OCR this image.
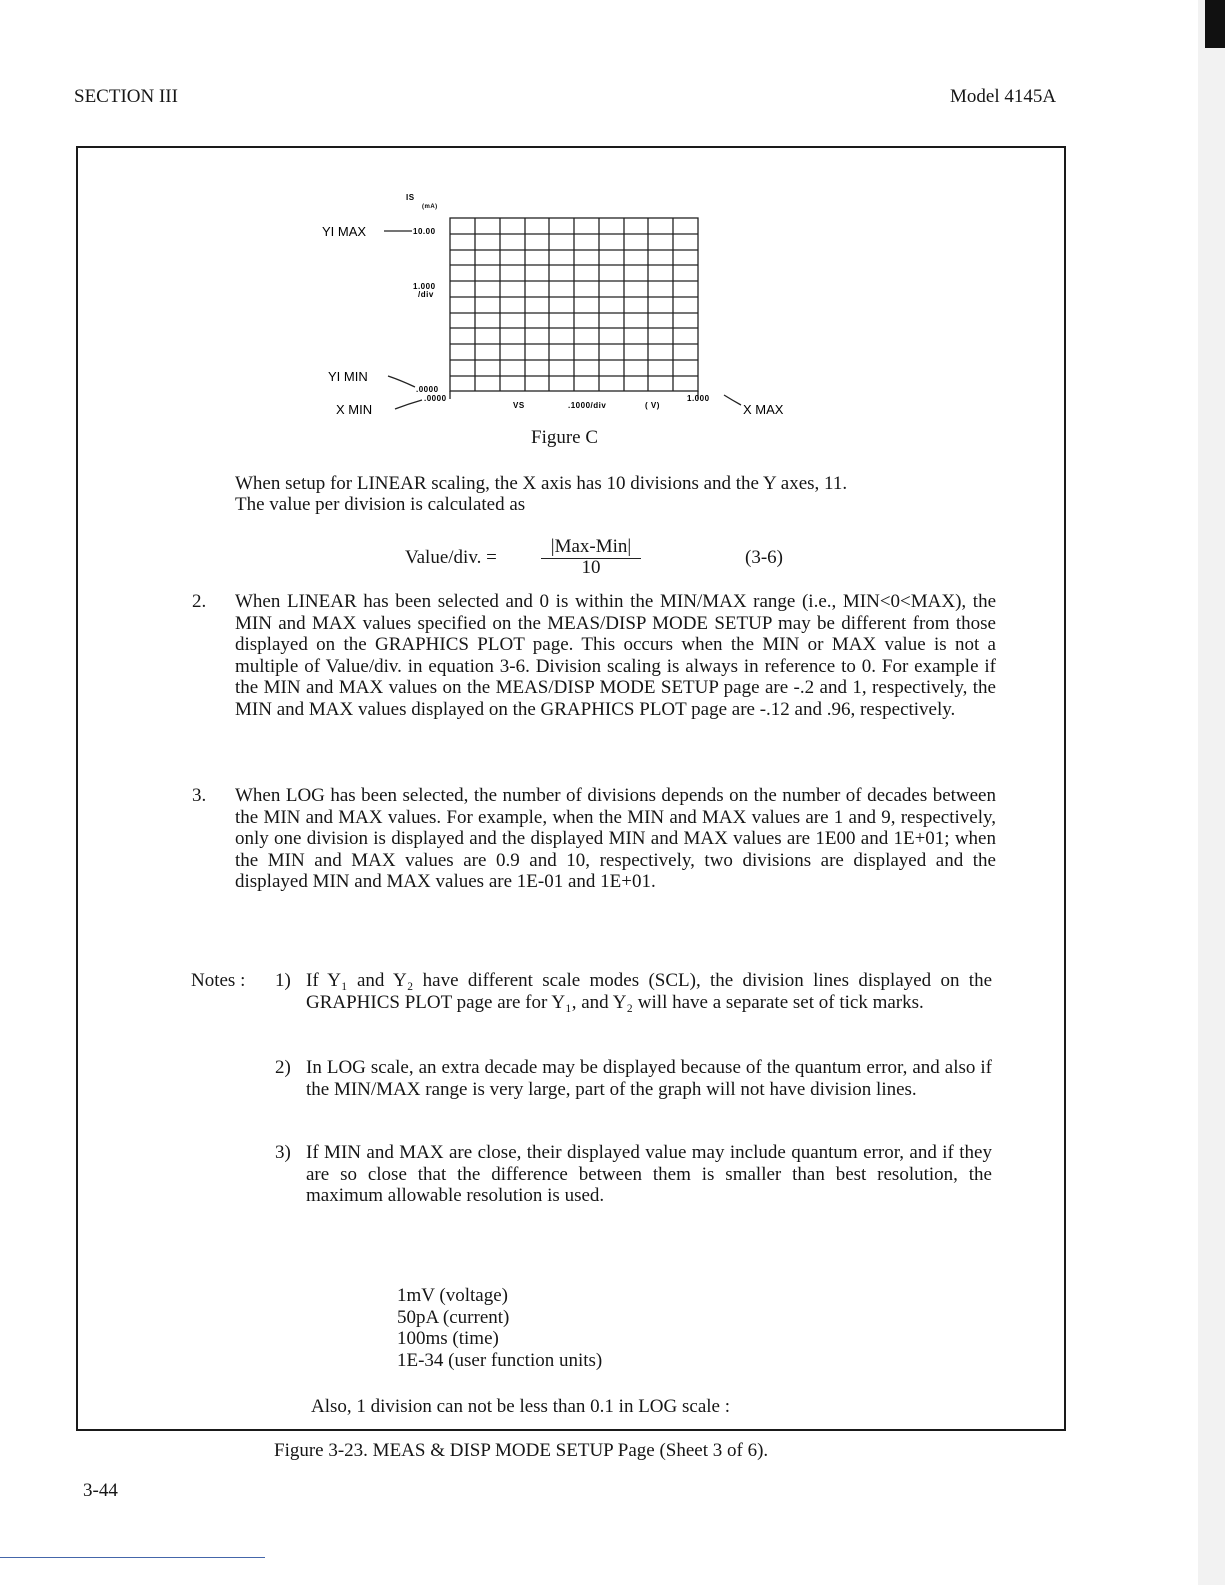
SECTION III	Model 4145A
IS
(mA)
YI MAX	10.00
1.000
/div
YI MIN
.0000
X MIN
.0000
VS	.1000/div	( V)
1.000
X MAX
Figure C
When setup for LINEAR scaling, the X axis has 10 divisions and the Y axes, 11.
The value per division is calculated as
Value/div. =
|Max-Min|
10	(3-6)
2. When LINEAR has been selected and 0 is within the MIN/MAX range (i.e., MIN<0<MAX), the MIN and MAX values specified on the MEAS/DISP MODE SETUP may be different from those displayed on the GRAPHICS PLOT page. This occurs when the MIN or MAX value is not a multiple of Value/div. in equation 3-6. Division scaling is always in reference to 0. For example if the MIN and MAX values on the MEAS/DISP MODE SETUP page are -.2 and 1, respectively, the MIN and MAX values displayed on the GRAPHICS PLOT page are -.12 and .96, respectively.
3. When LOG has been selected, the number of divisions depends on the number of decades between the MIN and MAX values. For example, when the MIN and MAX values are 1 and 9, respectively, only one division is displayed and the displayed MIN and MAX values are 1E00 and 1E+01; when the MIN and MAX values are 0.9 and 10, respectively, two divisions are displayed and the displayed MIN and MAX values are 1E-01 and 1E+01.
Notes : 1) If Y₁ and Y₂ have different scale modes (SCL), the division lines displayed on the GRAPHICS PLOT page are for Y₁, and Y₂ will have a separate set of tick marks.
2) In LOG scale, an extra decade may be displayed because of the quantum error, and also if the MIN/MAX range is very large, part of the graph will not have division lines.
3) If MIN and MAX are close, their displayed value may include quantum error, and if they are so close that the difference between them is smaller than best resolution, the maximum allowable resolution is used.
1mV (voltage)
50pA (current)
100ms (time)
1E-34 (user function units)
Also, 1 division can not be less than 0.1 in LOG scale :
Figure 3-23. MEAS & DISP MODE SETUP Page (Sheet 3 of 6).
3-44
